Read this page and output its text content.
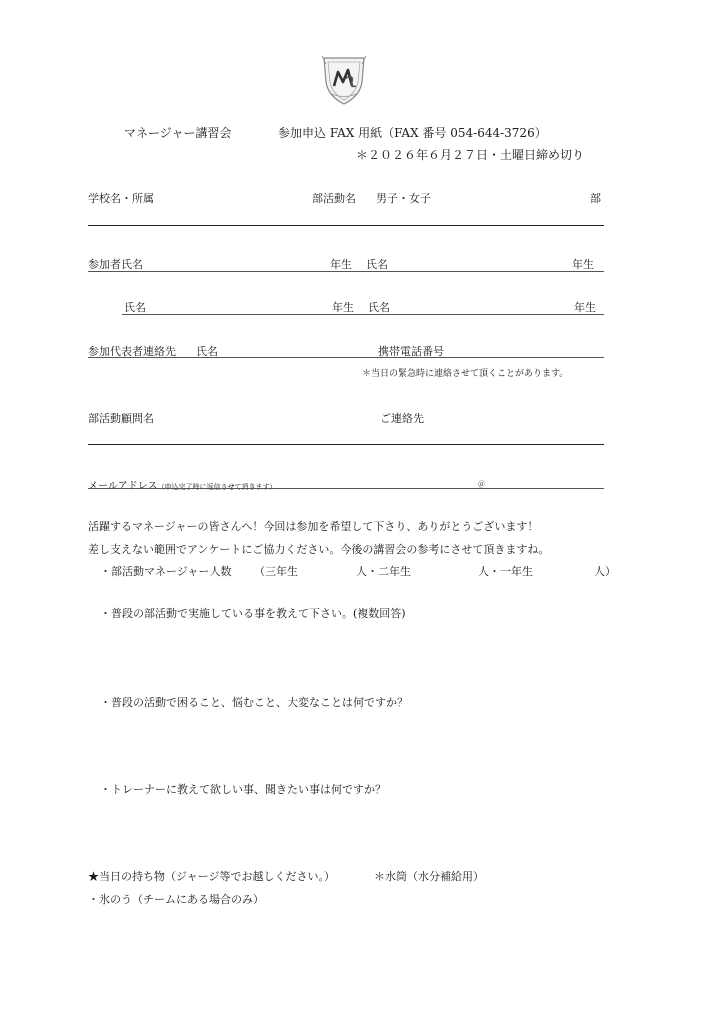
マネージャー講習会	参加申込 FAX 用紙（FAX 番号 054-644-3726）
＊２０２６年６月２７日・土曜日締め切り
学校名・所属	部活動名 男子・女子	部
参加者氏名	年生 氏名	年生
氏名	年生 氏名	年生
参加代表者連絡先 氏名	携帯電話番号
＊当日の緊急時に連絡させて頂くことがあります。
部活動顧問名	ご連絡先
メールアドレス（申込完了時に返信させて頂きます）	＠
活躍するマネージャーの皆さんへ！今回は参加を希望して下さり、ありがとうございます！
差し支えない範囲でアンケートにご協力ください。今後の講習会の参考にさせて頂きますね。
・部活動マネージャー人数 （三年生	人・二年生	人・一年生	人）
・普段の部活動で実施している事を教えて下さい。(複数回答)
・普段の活動で困ること、悩むこと、大変なことは何ですか？
・トレーナーに教えて欲しい事、聞きたい事は何ですか？
★当日の持ち物（ジャージ等でお越しください。）	＊水筒（水分補給用）
・氷のう（チームにある場合のみ）
